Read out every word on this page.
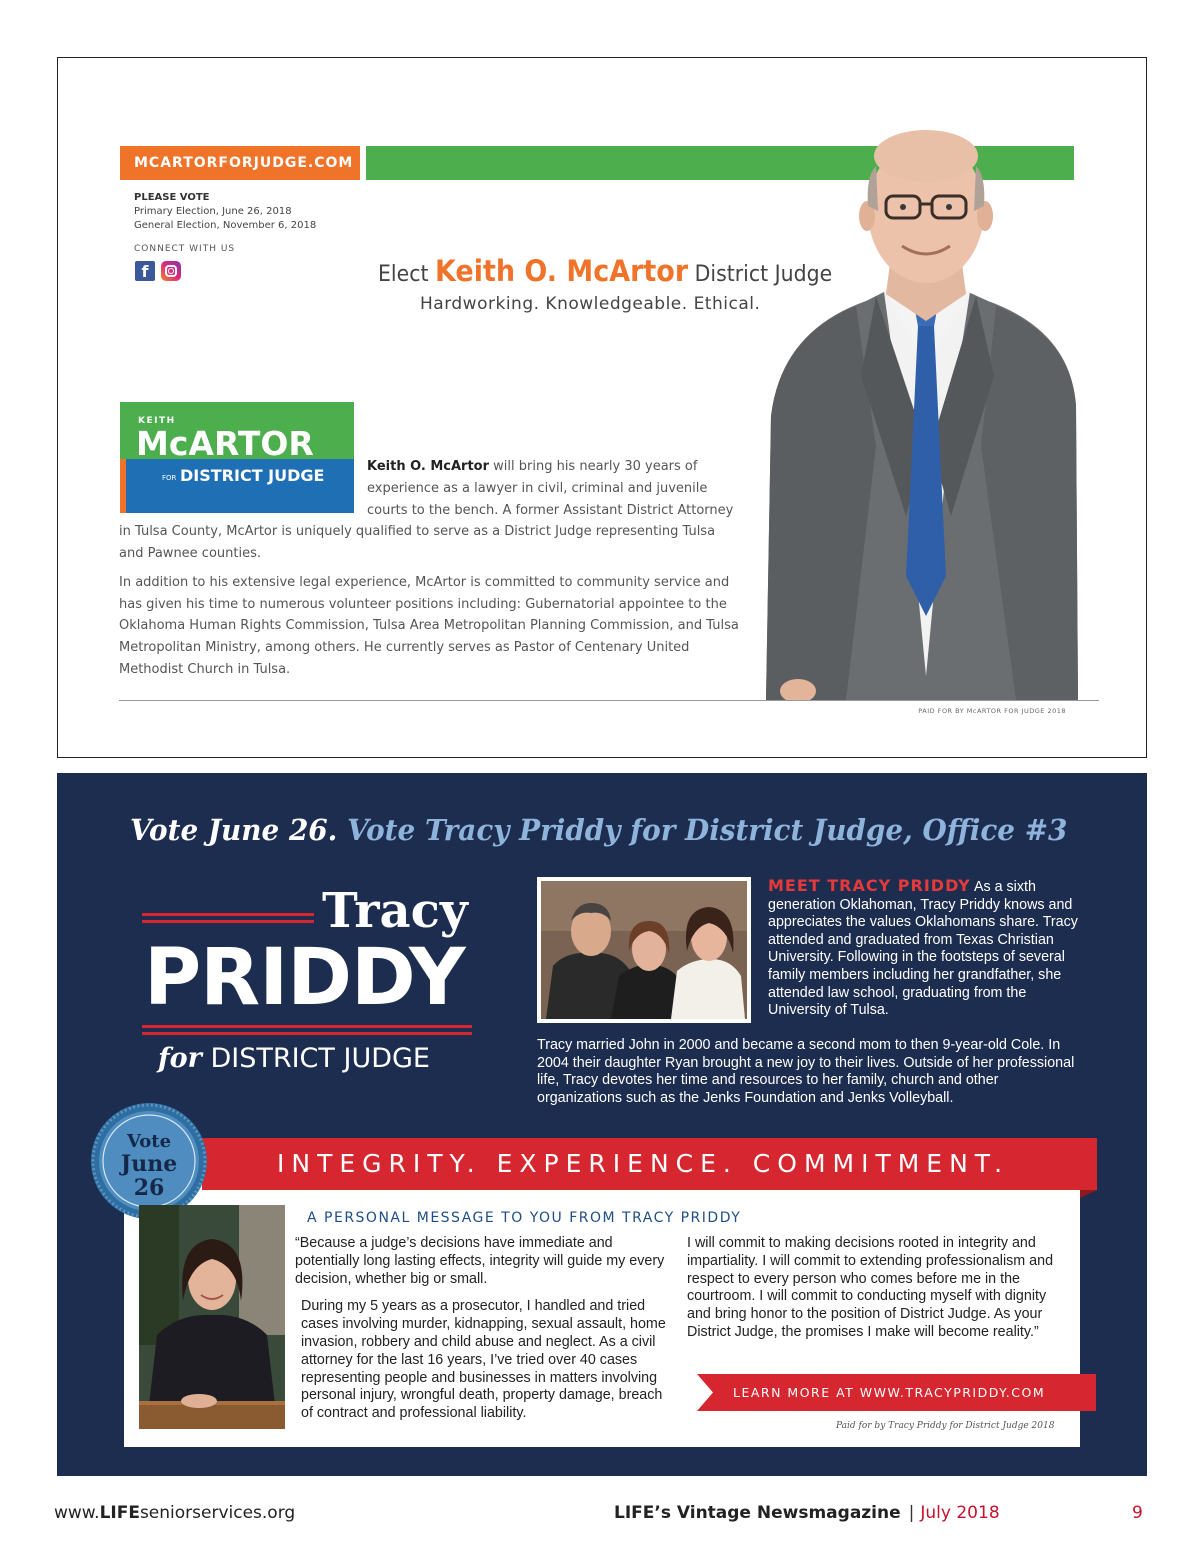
MCARTORFORJUDGE.COM
PLEASE VOTE
Primary Election, June 26, 2018
General Election, November 6, 2018
CONNECT WITH US
f	Elect Keith O. McArtor District Judge
Hardworking. Knowledgeable. Ethical.
KEITH
McARTOR
FOR DISTRICT JUDGE	Keith O. McArtor will bring his nearly 30 years of experience as a lawyer in civil, criminal and juvenile courts to the bench. A former Assistant District Attorney
in Tulsa County, McArtor is uniquely qualified to serve as a District Judge representing Tulsa and Pawnee counties.
In addition to his extensive legal experience, McArtor is committed to community service and has given his time to numerous volunteer positions including: Gubernatorial appointee to the Oklahoma Human Rights Commission, Tulsa Area Metropolitan Planning Commission, and Tulsa Metropolitan Ministry, among others. He currently serves as Pastor of Centenary United Methodist Church in Tulsa.
PAID FOR BY McARTOR FOR JUDGE 2018
Vote June 26. Vote Tracy Priddy for District Judge, Office #3
Tracy
PRIDDY
for DISTRICT JUDGE
MEET TRACY PRIDDY As a sixth generation Oklahoman, Tracy Priddy knows and appreciates the values Oklahomans share. Tracy attended and graduated from Texas Christian University. Following in the footsteps of several family members including her grandfather, she attended law school, graduating from the University of Tulsa.
Tracy married John in 2000 and became a second mom to then 9-year-old Cole. In 2004 their daughter Ryan brought a new joy to their lives. Outside of her professional life, Tracy devotes her time and resources to her family, church and other organizations such as the Jenks Foundation and Jenks Volleyball.
INTEGRITY. EXPERIENCE. COMMITMENT.
Vote
June
26
A PERSONAL MESSAGE TO YOU FROM TRACY PRIDDY

“Because a judge’s decisions have immediate and potentially long lasting effects, integrity will guide my every decision, whether big or small.

During my 5 years as a prosecutor, I handled and tried cases involving murder, kidnapping, sexual assault, home invasion, robbery and child abuse and neglect. As a civil attorney for the last 16 years, I’ve tried over 40 cases representing people and businesses in matters involving personal injury, wrongful death, property damage, breach of contract and professional liability.

I will commit to making decisions rooted in integrity and impartiality. I will commit to extending professionalism and respect to every person who comes before me in the courtroom. I will commit to conducting myself with dignity and bring honor to the position of District Judge. As your District Judge, the promises I make will become reality.”

LEARN MORE AT WWW.TRACYPRIDDY.COM
Paid for by Tracy Priddy for District Judge 2018
www.LIFEseniorservices.org	LIFE’s Vintage Newsmagazine | July 2018	9
